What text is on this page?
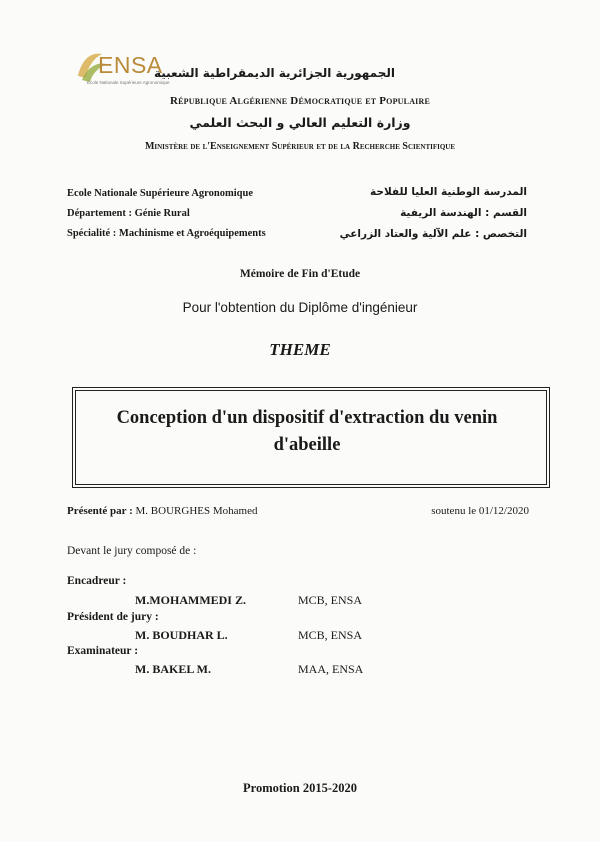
ENSA
École Nationale Supérieure Agronomique
الجمهورية الجزائرية الديمقراطية الشعبية
République Algérienne Démocratique et Populaire
وزارة التعليم العالي و البحث العلمي
Ministère de l'Enseignement Supérieur et de la Recherche Scientifique
Ecole Nationale Supérieure Agronomique
Département : Génie Rural
Spécialité : Machinisme et Agroéquipements
المدرسة الوطنية العليا للفلاحة
القسم : الهندسة الريفية
التخصص : علم الآلية والعتاد الزراعي
Mémoire de Fin d'Etude
Pour l'obtention du Diplôme d'ingénieur
THEME
Conception d'un dispositif d'extraction du venin
d'abeille
Présenté par : M. BOURGHES Mohamed	soutenu le 01/12/2020
Devant le jury composé de :
Encadreur :
M.MOHAMMEDI Z.	MCB, ENSA
Président de jury :
M. BOUDHAR L.	MCB, ENSA
Examinateur :
M. BAKEL M.	MAA, ENSA
Promotion 2015-2020
